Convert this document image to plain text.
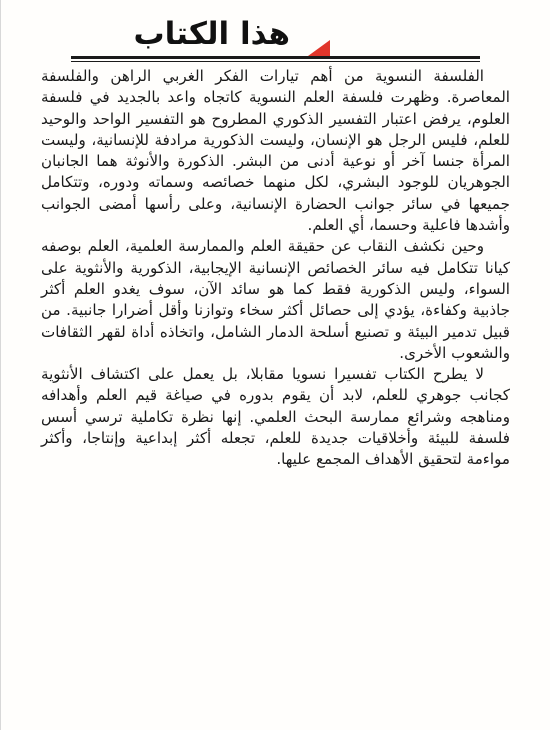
هذا الكتاب

الفلسفة النسوية من أهم تيارات الفكر الغربي الراهن والفلسفة المعاصرة. وظهرت فلسفة العلم النسوية كاتجاه واعد بالجديد في فلسفة العلوم، يرفض اعتبار التفسير الذكوري المطروح هو التفسير الواحد والوحيد للعلم، فليس الرجل هو الإنسان، وليست الذكورية مرادفة للإنسانية، وليست المرأة جنسا آخر أو نوعية أدنى من البشر. الذكورة والأنوثة هما الجانبان الجوهريان للوجود البشري، لكل منهما خصائصه وسماته ودوره، وتتكامل جميعها في سائر جوانب الحضارة الإنسانية، وعلى رأسها أمضى الجوانب وأشدها فاعلية وحسما، أي العلم.

وحين نكشف النقاب عن حقيقة العلم والممارسة العلمية، العلم بوصفه كيانا تتكامل فيه سائر الخصائص الإنسانية الإيجابية، الذكورية والأنثوية على السواء، وليس الذكورية فقط كما هو سائد الآن، سوف يغدو العلم أكثر جاذبية وكفاءة، يؤدي إلى حصائل أكثر سخاء وتوازنا وأقل أضرارا جانبية. من قبيل تدمير البيئة و تصنيع أسلحة الدمار الشامل، واتخاذه أداة لقهر الثقافات والشعوب الأخرى.

لا يطرح الكتاب تفسيرا نسويا مقابلا، بل يعمل على اكتشاف الأنثوية كجانب جوهري للعلم، لابد أن يقوم بدوره في صياغة قيم العلم وأهدافه ومناهجه وشرائع ممارسة البحث العلمي. إنها نظرة تكاملية ترسي أسس فلسفة للبيئة وأخلاقيات جديدة للعلم، تجعله أكثر إبداعية وإنتاجا، وأكثر مواءمة لتحقيق الأهداف المجمع عليها.
